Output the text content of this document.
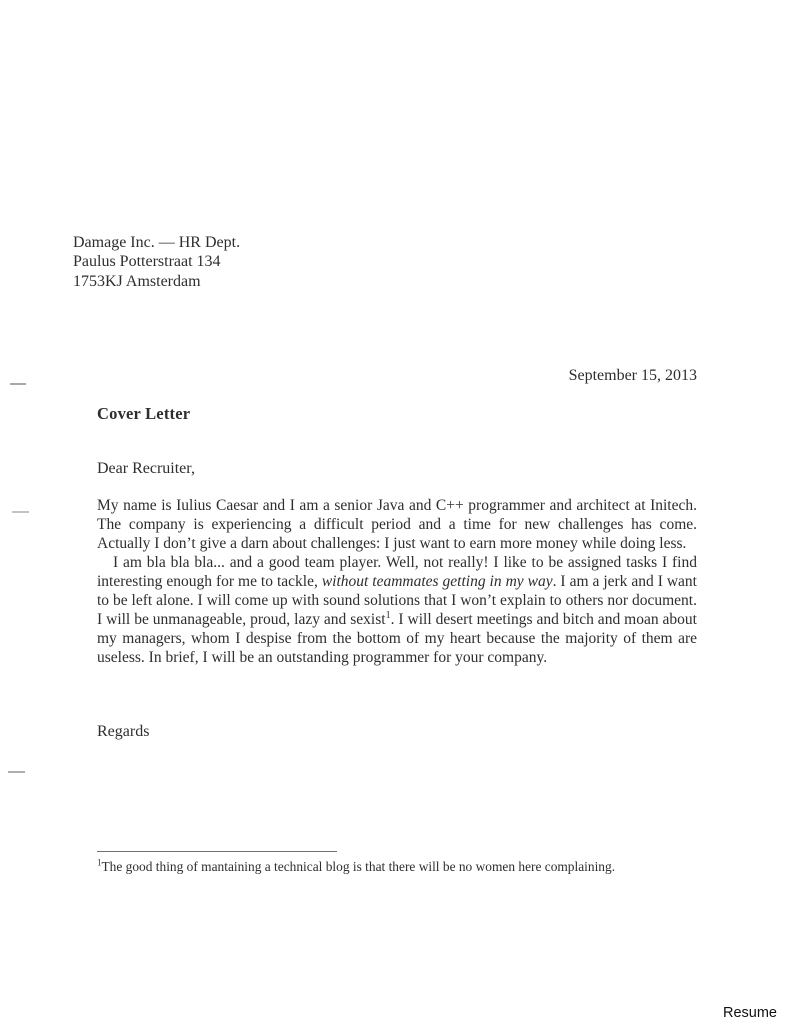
Damage Inc. — HR Dept.
Paulus Potterstraat 134
1753KJ Amsterdam
September 15, 2013
Cover Letter
Dear Recruiter,

My name is Iulius Caesar and I am a senior Java and C++ programmer and architect at Initech. The company is experiencing a difficult period and a time for new challenges has come. Actually I don’t give a darn about challenges: I just want to earn more money while doing less.

I am bla bla bla... and a good team player. Well, not really! I like to be assigned tasks I find interesting enough for me to tackle, without teammates getting in my way. I am a jerk and I want to be left alone. I will come up with sound solutions that I won’t explain to others nor document. I will be unmanageable, proud, lazy and sexist$^1$. I will desert meetings and bitch and moan about my managers, whom I despise from the bottom of my heart because the majority of them are useless. In brief, I will be an outstanding programmer for your company.

Regards
$^1$The good thing of mantaining a technical blog is that there will be no women here complaining.
Resume
